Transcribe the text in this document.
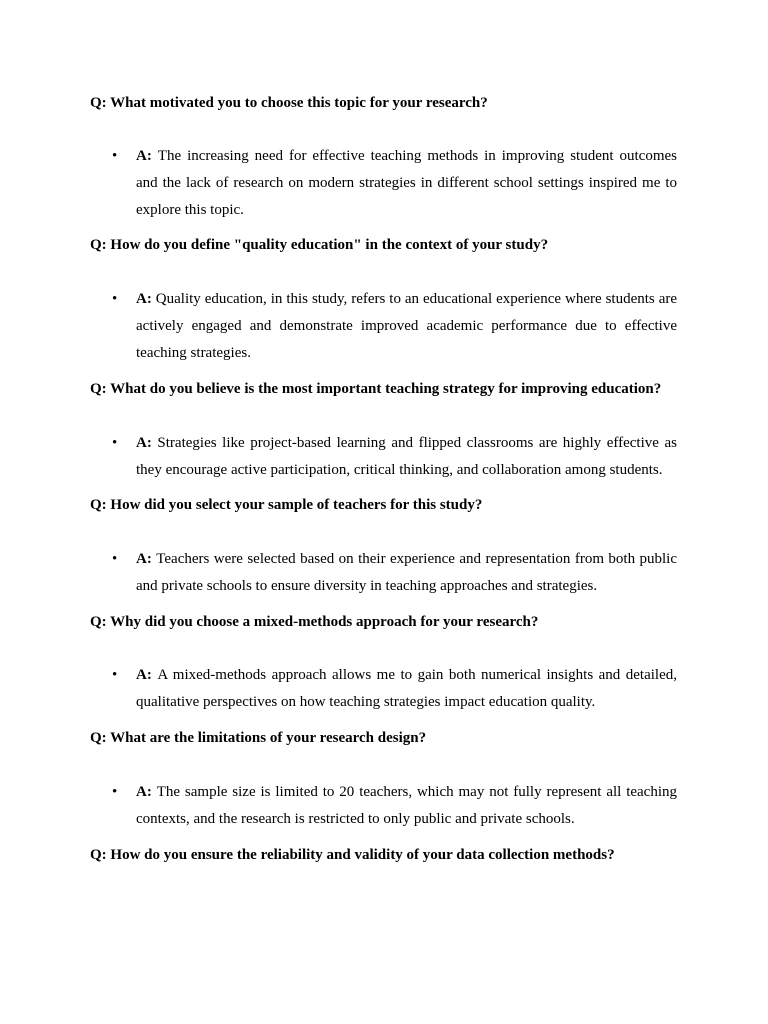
Q: What motivated you to choose this topic for your research?

• A: The increasing need for effective teaching methods in improving student outcomes and the lack of research on modern strategies in different school settings inspired me to explore this topic.

Q: How do you define "quality education" in the context of your study?

• A: Quality education, in this study, refers to an educational experience where students are actively engaged and demonstrate improved academic performance due to effective teaching strategies.

Q: What do you believe is the most important teaching strategy for improving education?

• A: Strategies like project-based learning and flipped classrooms are highly effective as they encourage active participation, critical thinking, and collaboration among students.

Q: How did you select your sample of teachers for this study?

• A: Teachers were selected based on their experience and representation from both public and private schools to ensure diversity in teaching approaches and strategies.

Q: Why did you choose a mixed-methods approach for your research?

• A: A mixed-methods approach allows me to gain both numerical insights and detailed, qualitative perspectives on how teaching strategies impact education quality.

Q: What are the limitations of your research design?

• A: The sample size is limited to 20 teachers, which may not fully represent all teaching contexts, and the research is restricted to only public and private schools.

Q: How do you ensure the reliability and validity of your data collection methods?
